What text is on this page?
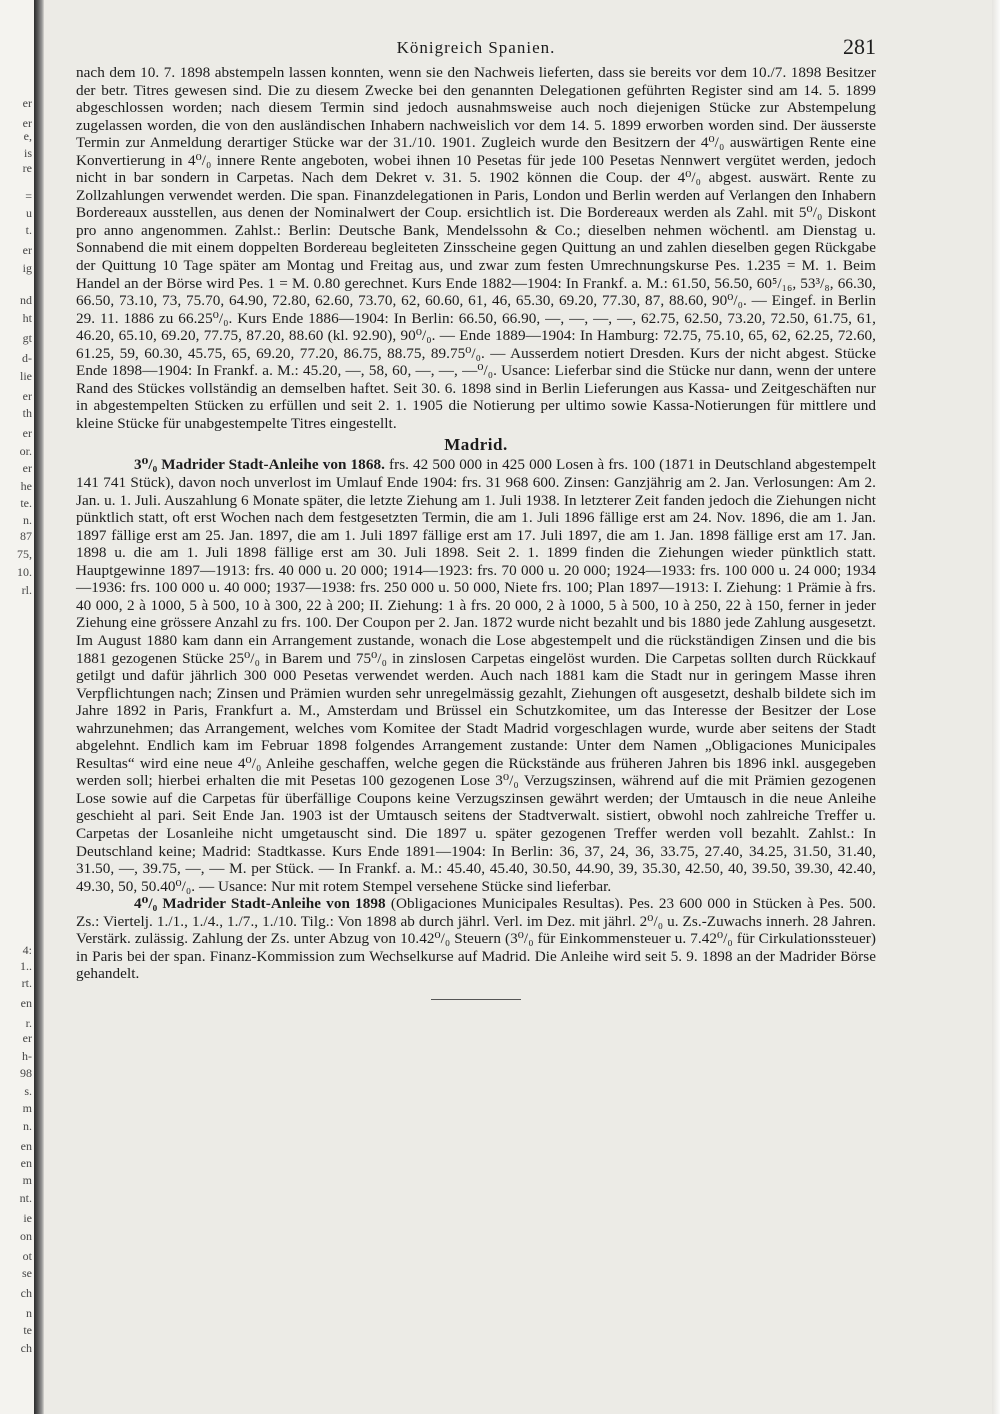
er
er
e,
is
re
=
u
t.
er
ig
nd
ht
gt
d-
lie
er
th
er
or.
er
he
te.
n.
87
75,
10.
rl.
4:
1..
rt.
en
r.
er
h-
98
s.
m
n.
en
en
m
nt.
ie
on
ot
se
ch
n
te
ch
Königreich Spanien.	281

nach dem 10. 7. 1898 abstempeln lassen konnten, wenn sie den Nachweis lieferten, dass sie bereits vor dem 10./7. 1898 Besitzer der betr. Titres gewesen sind. Die zu diesem Zwecke bei den genannten Delegationen geführten Register sind am 14. 5. 1899 abgeschlossen worden; nach diesem Termin sind jedoch ausnahmsweise auch noch diejenigen Stücke zur Abstempelung zugelassen worden, die von den ausländischen Inhabern nachweislich vor dem 14. 5. 1899 erworben worden sind. Der äusserste Termin zur Anmeldung derartiger Stücke war der 31./10. 1901. Zugleich wurde den Besitzern der 4⁰/₀ auswärtigen Rente eine Konvertierung in 4⁰/₀ innere Rente angeboten, wobei ihnen 10 Pesetas für jede 100 Pesetas Nennwert vergütet werden, jedoch nicht in bar sondern in Carpetas. Nach dem Dekret v. 31. 5. 1902 können die Coup. der 4⁰/₀ abgest. auswärt. Rente zu Zollzahlungen verwendet werden. Die span. Finanzdelegationen in Paris, London und Berlin werden auf Verlangen den Inhabern Bordereaux ausstellen, aus denen der Nominalwert der Coup. ersichtlich ist. Die Bordereaux werden als Zahl. mit 5⁰/₀ Diskont pro anno angenommen. Zahlst.: Berlin: Deutsche Bank, Mendelssohn & Co.; dieselben nehmen wöchentl. am Dienstag u. Sonnabend die mit einem doppelten Bordereau begleiteten Zinsscheine gegen Quittung an und zahlen dieselben gegen Rückgabe der Quittung 10 Tage später am Montag und Freitag aus, und zwar zum festen Umrechnungskurse Pes. 1.235 = M. 1. Beim Handel an der Börse wird Pes. 1 = M. 0.80 gerechnet. Kurs Ende 1882—1904: In Frankf. a. M.: 61.50, 56.50, 60⁵/₁₆, 53³/₈, 66.30, 66.50, 73.10, 73, 75.70, 64.90, 72.80, 62.60, 73.70, 62, 60.60, 61, 46, 65.30, 69.20, 77.30, 87, 88.60, 90⁰/₀. — Eingef. in Berlin 29. 11. 1886 zu 66.25⁰/₀. Kurs Ende 1886—1904: In Berlin: 66.50, 66.90, —, —, —, —, 62.75, 62.50, 73.20, 72.50, 61.75, 61, 46.20, 65.10, 69.20, 77.75, 87.20, 88.60 (kl. 92.90), 90⁰/₀. — Ende 1889—1904: In Hamburg: 72.75, 75.10, 65, 62, 62.25, 72.60, 61.25, 59, 60.30, 45.75, 65, 69.20, 77.20, 86.75, 88.75, 89.75⁰/₀. — Ausserdem notiert Dresden. Kurs der nicht abgest. Stücke Ende 1898—1904: In Frankf. a. M.: 45.20, —, 58, 60, —, —, —⁰/₀. Usance: Lieferbar sind die Stücke nur dann, wenn der untere Rand des Stückes vollständig an demselben haftet. Seit 30. 6. 1898 sind in Berlin Lieferungen aus Kassa- und Zeitgeschäften nur in abgestempelten Stücken zu erfüllen und seit 2. 1. 1905 die Notierung per ultimo sowie Kassa-Notierungen für mittlere und kleine Stücke für unabgestempelte Titres eingestellt.

Madrid.

3⁰/₀ Madrider Stadt-Anleihe von 1868. frs. 42 500 000 in 425 000 Losen à frs. 100 (1871 in Deutschland abgestempelt 141 741 Stück), davon noch unverlost im Umlauf Ende 1904: frs. 31 968 600. Zinsen: Ganzjährig am 2. Jan. Verlosungen: Am 2. Jan. u. 1. Juli. Auszahlung 6 Monate später, die letzte Ziehung am 1. Juli 1938. In letzterer Zeit fanden jedoch die Ziehungen nicht pünktlich statt, oft erst Wochen nach dem festgesetzten Termin, die am 1. Juli 1896 fällige erst am 24. Nov. 1896, die am 1. Jan. 1897 fällige erst am 25. Jan. 1897, die am 1. Juli 1897 fällige erst am 17. Juli 1897, die am 1. Jan. 1898 fällige erst am 17. Jan. 1898 u. die am 1. Juli 1898 fällige erst am 30. Juli 1898. Seit 2. 1. 1899 finden die Ziehungen wieder pünktlich statt. Hauptgewinne 1897—1913: frs. 40 000 u. 20 000; 1914—1923: frs. 70 000 u. 20 000; 1924—1933: frs. 100 000 u. 24 000; 1934—1936: frs. 100 000 u. 40 000; 1937—1938: frs. 250 000 u. 50 000, Niete frs. 100; Plan 1897—1913: I. Ziehung: 1 Prämie à frs. 40 000, 2 à 1000, 5 à 500, 10 à 300, 22 à 200; II. Ziehung: 1 à frs. 20 000, 2 à 1000, 5 à 500, 10 à 250, 22 à 150, ferner in jeder Ziehung eine grössere Anzahl zu frs. 100. Der Coupon per 2. Jan. 1872 wurde nicht bezahlt und bis 1880 jede Zahlung ausgesetzt. Im August 1880 kam dann ein Arrangement zustande, wonach die Lose abgestempelt und die rückständigen Zinsen und die bis 1881 gezogenen Stücke 25⁰/₀ in Barem und 75⁰/₀ in zinslosen Carpetas eingelöst wurden. Die Carpetas sollten durch Rückkauf getilgt und dafür jährlich 300 000 Pesetas verwendet werden. Auch nach 1881 kam die Stadt nur in geringem Masse ihren Verpflichtungen nach; Zinsen und Prämien wurden sehr unregelmässig gezahlt, Ziehungen oft ausgesetzt, deshalb bildete sich im Jahre 1892 in Paris, Frankfurt a. M., Amsterdam und Brüssel ein Schutzkomitee, um das Interesse der Besitzer der Lose wahrzunehmen; das Arrangement, welches vom Komitee der Stadt Madrid vorgeschlagen wurde, wurde aber seitens der Stadt abgelehnt. Endlich kam im Februar 1898 folgendes Arrangement zustande: Unter dem Namen „Obligaciones Municipales Resultas“ wird eine neue 4⁰/₀ Anleihe geschaffen, welche gegen die Rückstände aus früheren Jahren bis 1896 inkl. ausgegeben werden soll; hierbei erhalten die mit Pesetas 100 gezogenen Lose 3⁰/₀ Verzugszinsen, während auf die mit Prämien gezogenen Lose sowie auf die Carpetas für überfällige Coupons keine Verzugszinsen gewährt werden; der Umtausch in die neue Anleihe geschieht al pari. Seit Ende Jan. 1903 ist der Umtausch seitens der Stadtverwalt. sistiert, obwohl noch zahlreiche Treffer u. Carpetas der Losanleihe nicht umgetauscht sind. Die 1897 u. später gezogenen Treffer werden voll bezahlt. Zahlst.: In Deutschland keine; Madrid: Stadtkasse. Kurs Ende 1891—1904: In Berlin: 36, 37, 24, 36, 33.75, 27.40, 34.25, 31.50, 31.40, 31.50, —, 39.75, —, — M. per Stück. — In Frankf. a. M.: 45.40, 45.40, 30.50, 44.90, 39, 35.30, 42.50, 40, 39.50, 39.30, 42.40, 49.30, 50, 50.40⁰/₀. — Usance: Nur mit rotem Stempel versehene Stücke sind lieferbar.

4⁰/₀ Madrider Stadt-Anleihe von 1898 (Obligaciones Municipales Resultas). Pes. 23 600 000 in Stücken à Pes. 500. Zs.: Viertelj. 1./1., 1./4., 1./7., 1./10. Tilg.: Von 1898 ab durch jährl. Verl. im Dez. mit jährl. 2⁰/₀ u. Zs.-Zuwachs innerh. 28 Jahren. Verstärk. zulässig. Zahlung der Zs. unter Abzug von 10.42⁰/₀ Steuern (3⁰/₀ für Einkommensteuer u. 7.42⁰/₀ für Cirkulationssteuer) in Paris bei der span. Finanz-Kommission zum Wechselkurse auf Madrid. Die Anleihe wird seit 5. 9. 1898 an der Madrider Börse gehandelt.
